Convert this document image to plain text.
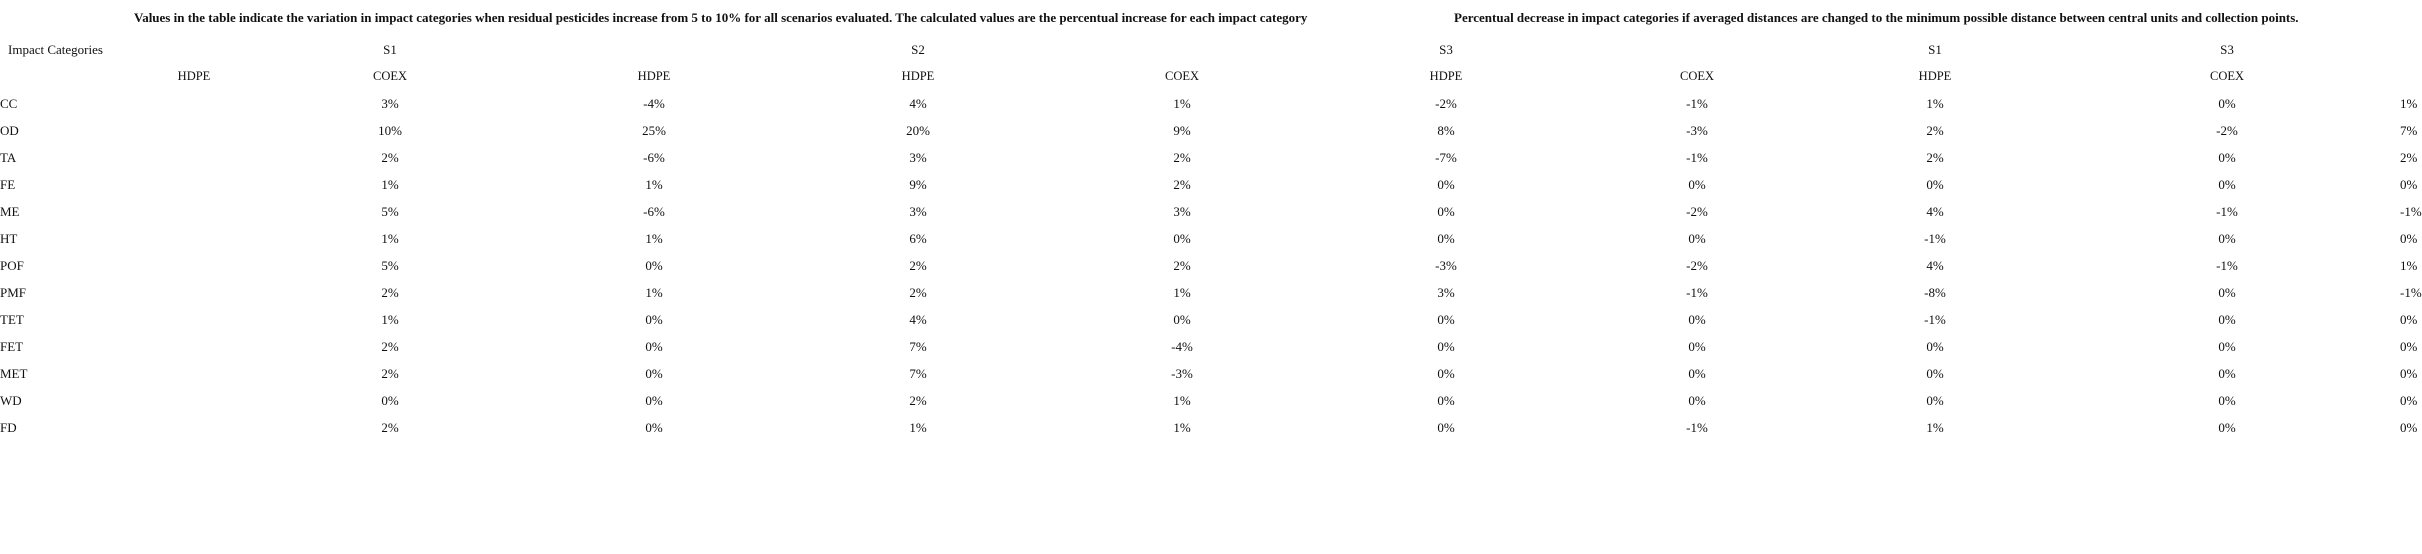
Values in the table indicate the variation in impact categories when residual pesticides increase from 5 to 10% for all scenarios evaluated. The calculated values are the percentual increase for each impact category	Percentual decrease in impact categories if averaged distances are changed to the minimum possible distance between central units and collection points.
Impact Categories		S1		S2		S3		S1	S3	
	HDPE	COEX	HDPE	HDPE	COEX	HDPE	COEX	HDPE	COEX	
CC		3%	-4%	4%	1%	-2%	-1%	1%	0%	1%
OD		10%	25%	20%	9%	8%	-3%	2%	-2%	7%
TA		2%	-6%	3%	2%	-7%	-1%	2%	0%	2%
FE		1%	1%	9%	2%	0%	0%	0%	0%	0%
ME		5%	-6%	3%	3%	0%	-2%	4%	-1%	-1%
HT		1%	1%	6%	0%	0%	0%	-1%	0%	0%
POF		5%	0%	2%	2%	-3%	-2%	4%	-1%	1%
PMF		2%	1%	2%	1%	3%	-1%	-8%	0%	-1%
TET		1%	0%	4%	0%	0%	0%	-1%	0%	0%
FET		2%	0%	7%	-4%	0%	0%	0%	0%	0%
MET		2%	0%	7%	-3%	0%	0%	0%	0%	0%
WD		0%	0%	2%	1%	0%	0%	0%	0%	0%
FD		2%	0%	1%	1%	0%	-1%	1%	0%	0%
